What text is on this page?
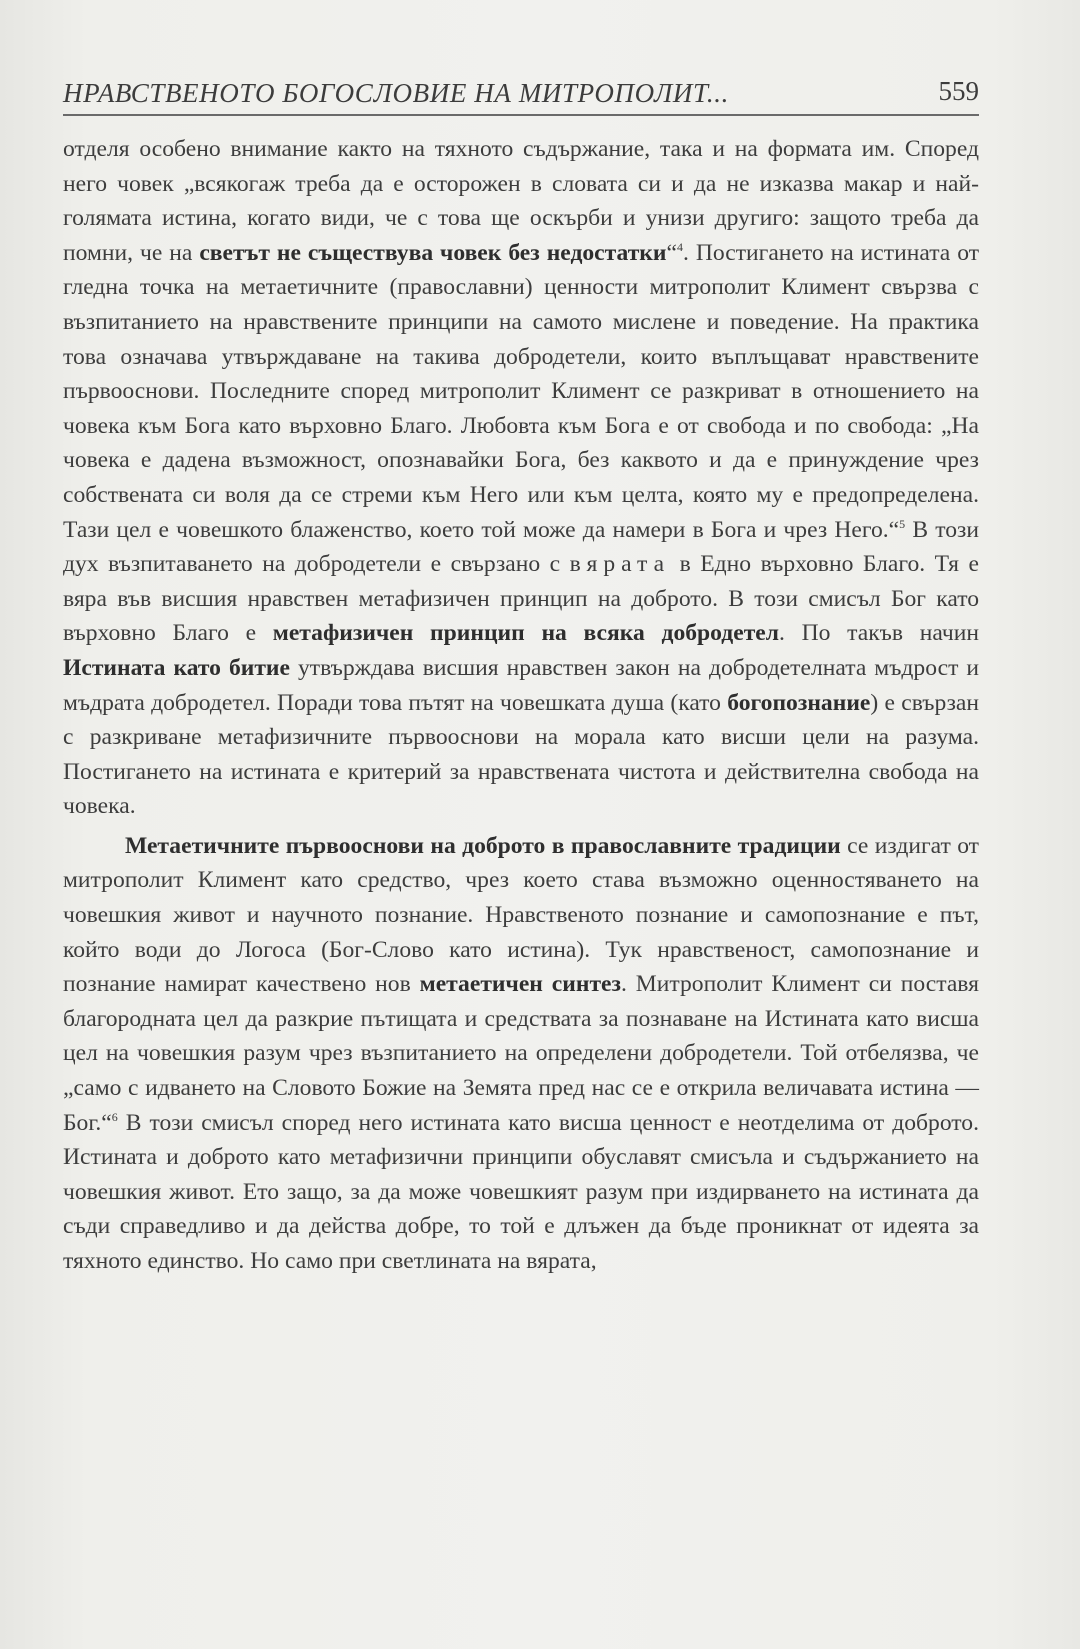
НРАВСТВЕНОТО БОГОСЛОВИЕ НА МИТРОПОЛИТ...	559

отделя особено внимание както на тяхното съдържание, така и на формата им. Според него човек „всякогаж треба да е осторожен в словата си и да не изказва макар и най-голямата истина, когато види, че с това ще оскърби и унизи другиго: защото треба да помни, че на светът не съществува човек без недостатки“$^4$. Постигането на истината от гледна точка на метаетичните (православни) ценности митрополит Климент свързва с възпитанието на нравствените принципи на самото мислене и поведение. На практика това означава утвърждаване на такива добродетели, които въплъщават нравствените първооснови. Последните според митрополит Климент се разкриват в отношението на човека към Бога като върховно Благо. Любовта към Бога е от свобода и по свобода: „На човека е дадена възможност, опознавайки Бога, без каквото и да е принуждение чрез собствената си воля да се стреми към Него или към целта, която му е предопределена. Тази цел е човешкото блаженство, което той може да намери в Бога и чрез Него.“$^5$ В този дух възпитаването на добродетели е свързано с вярата в Едно върховно Благо. Тя е вяра във висшия нравствен метафизичен принцип на доброто. В този смисъл Бог като върховно Благо е метафизичен принцип на всяка добродетел. По такъв начин Истината като битие утвърждава висшия нравствен закон на добродетелната мъдрост и мъдрата добродетел. Поради това пътят на човешката душа (като богопознание) е свързан с разкриване метафизичните първооснови на морала като висши цели на разума. Постигането на истината е критерий за нравствената чистота и действителна свобода на човека.

Метаетичните първооснови на доброто в православните традиции се издигат от митрополит Климент като средство, чрез което става възможно оценностяването на човешкия живот и научното познание. Нравственото познание и самопознание е път, който води до Логоса (Бог-Слово като истина). Тук нравственост, самопознание и познание намират качествено нов метаетичен синтез. Митрополит Климент си поставя благородната цел да разкрие пътищата и средствата за познаване на Истината като висша цел на човешкия разум чрез възпитанието на определени добродетели. Той отбелязва, че „само с идването на Словото Божие на Земята пред нас се е открила величавата истина — Бог.“$^6$ В този смисъл според него истината като висша ценност е неотделима от доброто. Истината и доброто като метафизични принципи обуславят смисъла и съдържанието на човешкия живот. Ето защо, за да може човешкият разум при издирването на истината да съди справедливо и да действа добре, то той е длъжен да бъде проникнат от идеята за тяхното единство. Но само при светлината на вярата,
